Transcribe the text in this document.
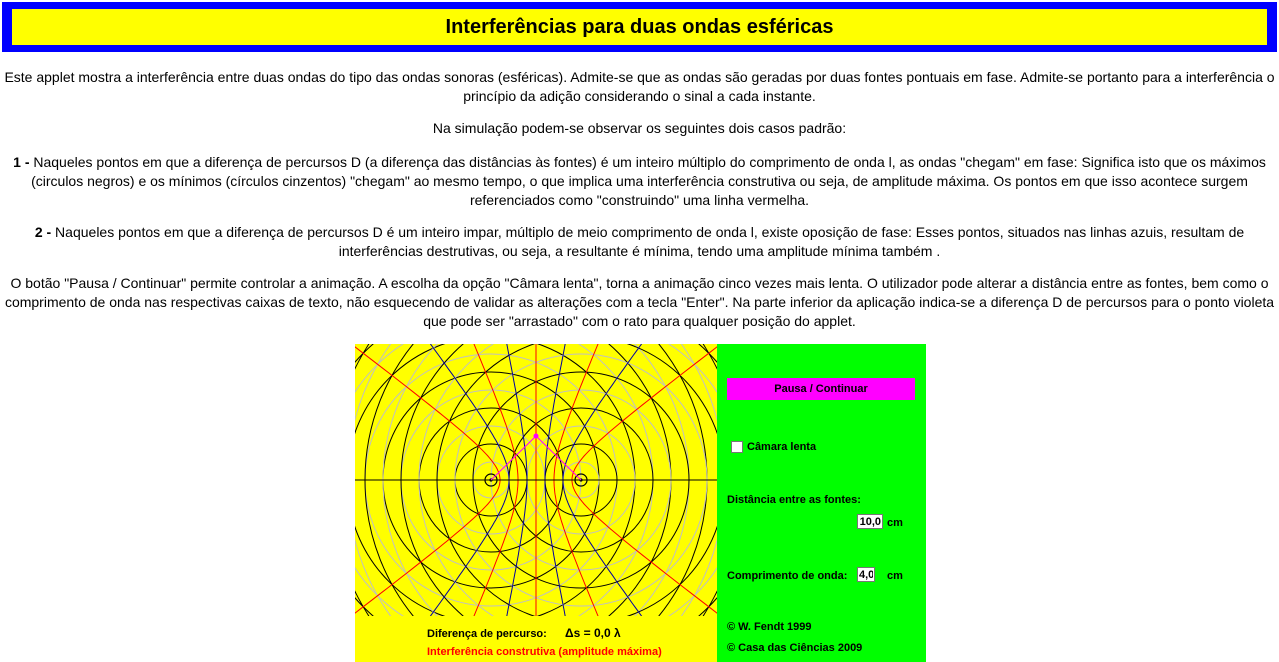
Interferências para duas ondas esféricas
Este applet mostra a interferência entre duas ondas do tipo das ondas sonoras (esféricas). Admite-se que as ondas são geradas por duas fontes pontuais em fase. Admite-se portanto para a interferência o princípio da adição considerando o sinal a cada instante.
Na simulação podem-se observar os seguintes dois casos padrão:
1 - Naqueles pontos em que a diferença de percursos D (a diferença das distâncias às fontes) é um inteiro múltiplo do comprimento de onda l, as ondas "chegam" em fase: Significa isto que os máximos (circulos negros) e os mínimos (círculos cinzentos) "chegam" ao mesmo tempo, o que implica uma interferência construtiva ou seja, de amplitude máxima. Os pontos em que isso acontece surgem referenciados como "construindo" uma linha vermelha.
2 - Naqueles pontos em que a diferença de percursos D é um inteiro impar, múltiplo de meio comprimento de onda l, existe oposição de fase: Esses pontos, situados nas linhas azuis, resultam de interferências destrutivas, ou seja, a resultante é mínima, tendo uma amplitude mínima também .
O botão "Pausa / Continuar" permite controlar a animação. A escolha da opção "Câmara lenta", torna a animação cinco vezes mais lenta. O utilizador pode alterar a distância entre as fontes, bem como o comprimento de onda nas respectivas caixas de texto, não esquecendo de validar as alterações com a tecla "Enter". Na parte inferior da aplicação indica-se a diferença D de percursos para o ponto violeta que pode ser "arrastado" com o rato para qualquer posição do applet.
Diferença de percurso: Δs = 0,0 λ
Interferência construtiva (amplitude máxima)
Pausa / Continuar
Câmara lenta
Distância entre as fontes:
10,0
cm
Comprimento de onda:
4,0	cm
© W. Fendt 1999
© Casa das Ciências 2009
